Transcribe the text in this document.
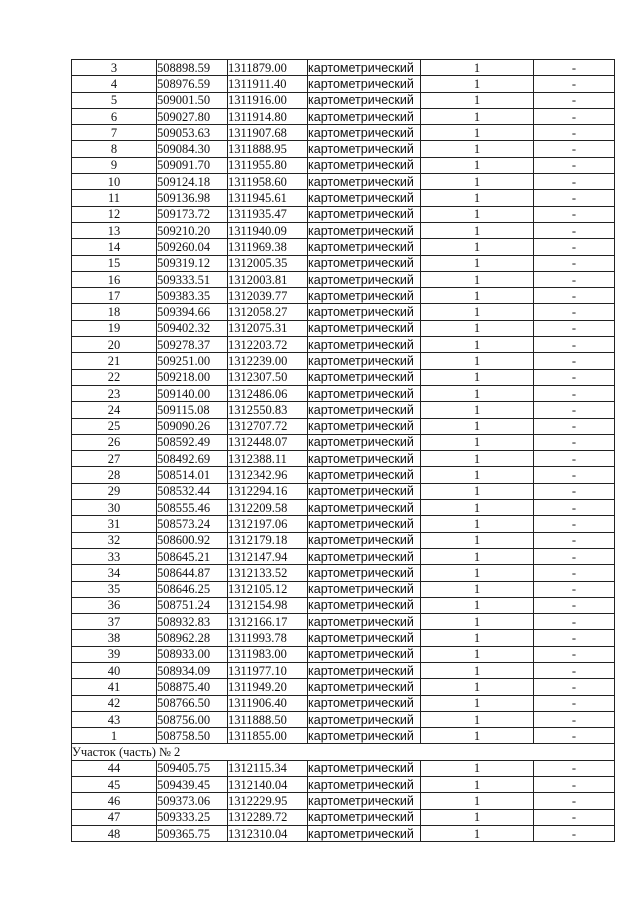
3	508898.59	1311879.00	картометрический	1	-
4	508976.59	1311911.40	картометрический	1	-
5	509001.50	1311916.00	картометрический	1	-
6	509027.80	1311914.80	картометрический	1	-
7	509053.63	1311907.68	картометрический	1	-
8	509084.30	1311888.95	картометрический	1	-
9	509091.70	1311955.80	картометрический	1	-
10	509124.18	1311958.60	картометрический	1	-
11	509136.98	1311945.61	картометрический	1	-
12	509173.72	1311935.47	картометрический	1	-
13	509210.20	1311940.09	картометрический	1	-
14	509260.04	1311969.38	картометрический	1	-
15	509319.12	1312005.35	картометрический	1	-
16	509333.51	1312003.81	картометрический	1	-
17	509383.35	1312039.77	картометрический	1	-
18	509394.66	1312058.27	картометрический	1	-
19	509402.32	1312075.31	картометрический	1	-
20	509278.37	1312203.72	картометрический	1	-
21	509251.00	1312239.00	картометрический	1	-
22	509218.00	1312307.50	картометрический	1	-
23	509140.00	1312486.06	картометрический	1	-
24	509115.08	1312550.83	картометрический	1	-
25	509090.26	1312707.72	картометрический	1	-
26	508592.49	1312448.07	картометрический	1	-
27	508492.69	1312388.11	картометрический	1	-
28	508514.01	1312342.96	картометрический	1	-
29	508532.44	1312294.16	картометрический	1	-
30	508555.46	1312209.58	картометрический	1	-
31	508573.24	1312197.06	картометрический	1	-
32	508600.92	1312179.18	картометрический	1	-
33	508645.21	1312147.94	картометрический	1	-
34	508644.87	1312133.52	картометрический	1	-
35	508646.25	1312105.12	картометрический	1	-
36	508751.24	1312154.98	картометрический	1	-
37	508932.83	1312166.17	картометрический	1	-
38	508962.28	1311993.78	картометрический	1	-
39	508933.00	1311983.00	картометрический	1	-
40	508934.09	1311977.10	картометрический	1	-
41	508875.40	1311949.20	картометрический	1	-
42	508766.50	1311906.40	картометрический	1	-
43	508756.00	1311888.50	картометрический	1	-
1	508758.50	1311855.00	картометрический	1	-
Участок (часть) № 2					
44	509405.75	1312115.34	картометрический	1	-
45	509439.45	1312140.04	картометрический	1	-
46	509373.06	1312229.95	картометрический	1	-
47	509333.25	1312289.72	картометрический	1	-
48	509365.75	1312310.04	картометрический	1	-
